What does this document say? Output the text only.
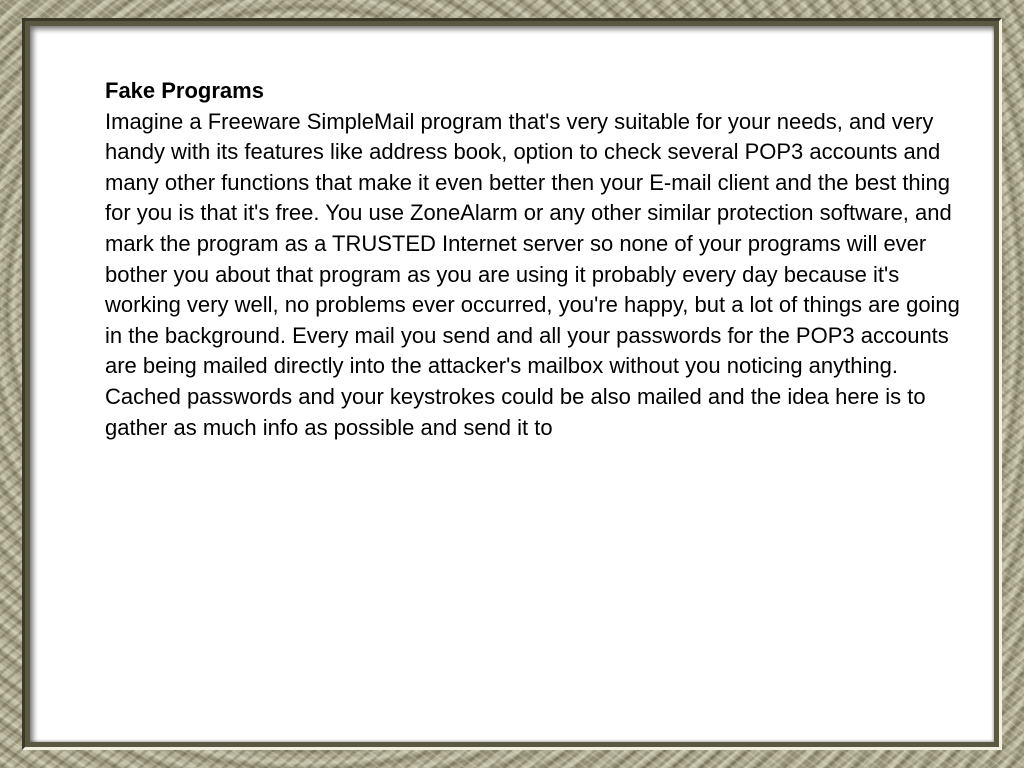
Fake Programs

Imagine a Freeware SimpleMail program that's very suitable for your needs, and very handy with its features like address book, option to check several POP3 accounts and many other functions that make it even better then your E-mail client and the best thing for you is that it's free. You use ZoneAlarm or any other similar protection software, and mark the program as a TRUSTED Internet server so none of your programs will ever bother you about that program as you are using it probably every day because it's working very well, no problems ever occurred, you're happy, but a lot of things are going in the background. Every mail you send and all your passwords for the POP3 accounts are being mailed directly into the attacker's mailbox without you noticing anything. Cached passwords and your keystrokes could be also mailed and the idea here is to gather as much info as possible and send it to
